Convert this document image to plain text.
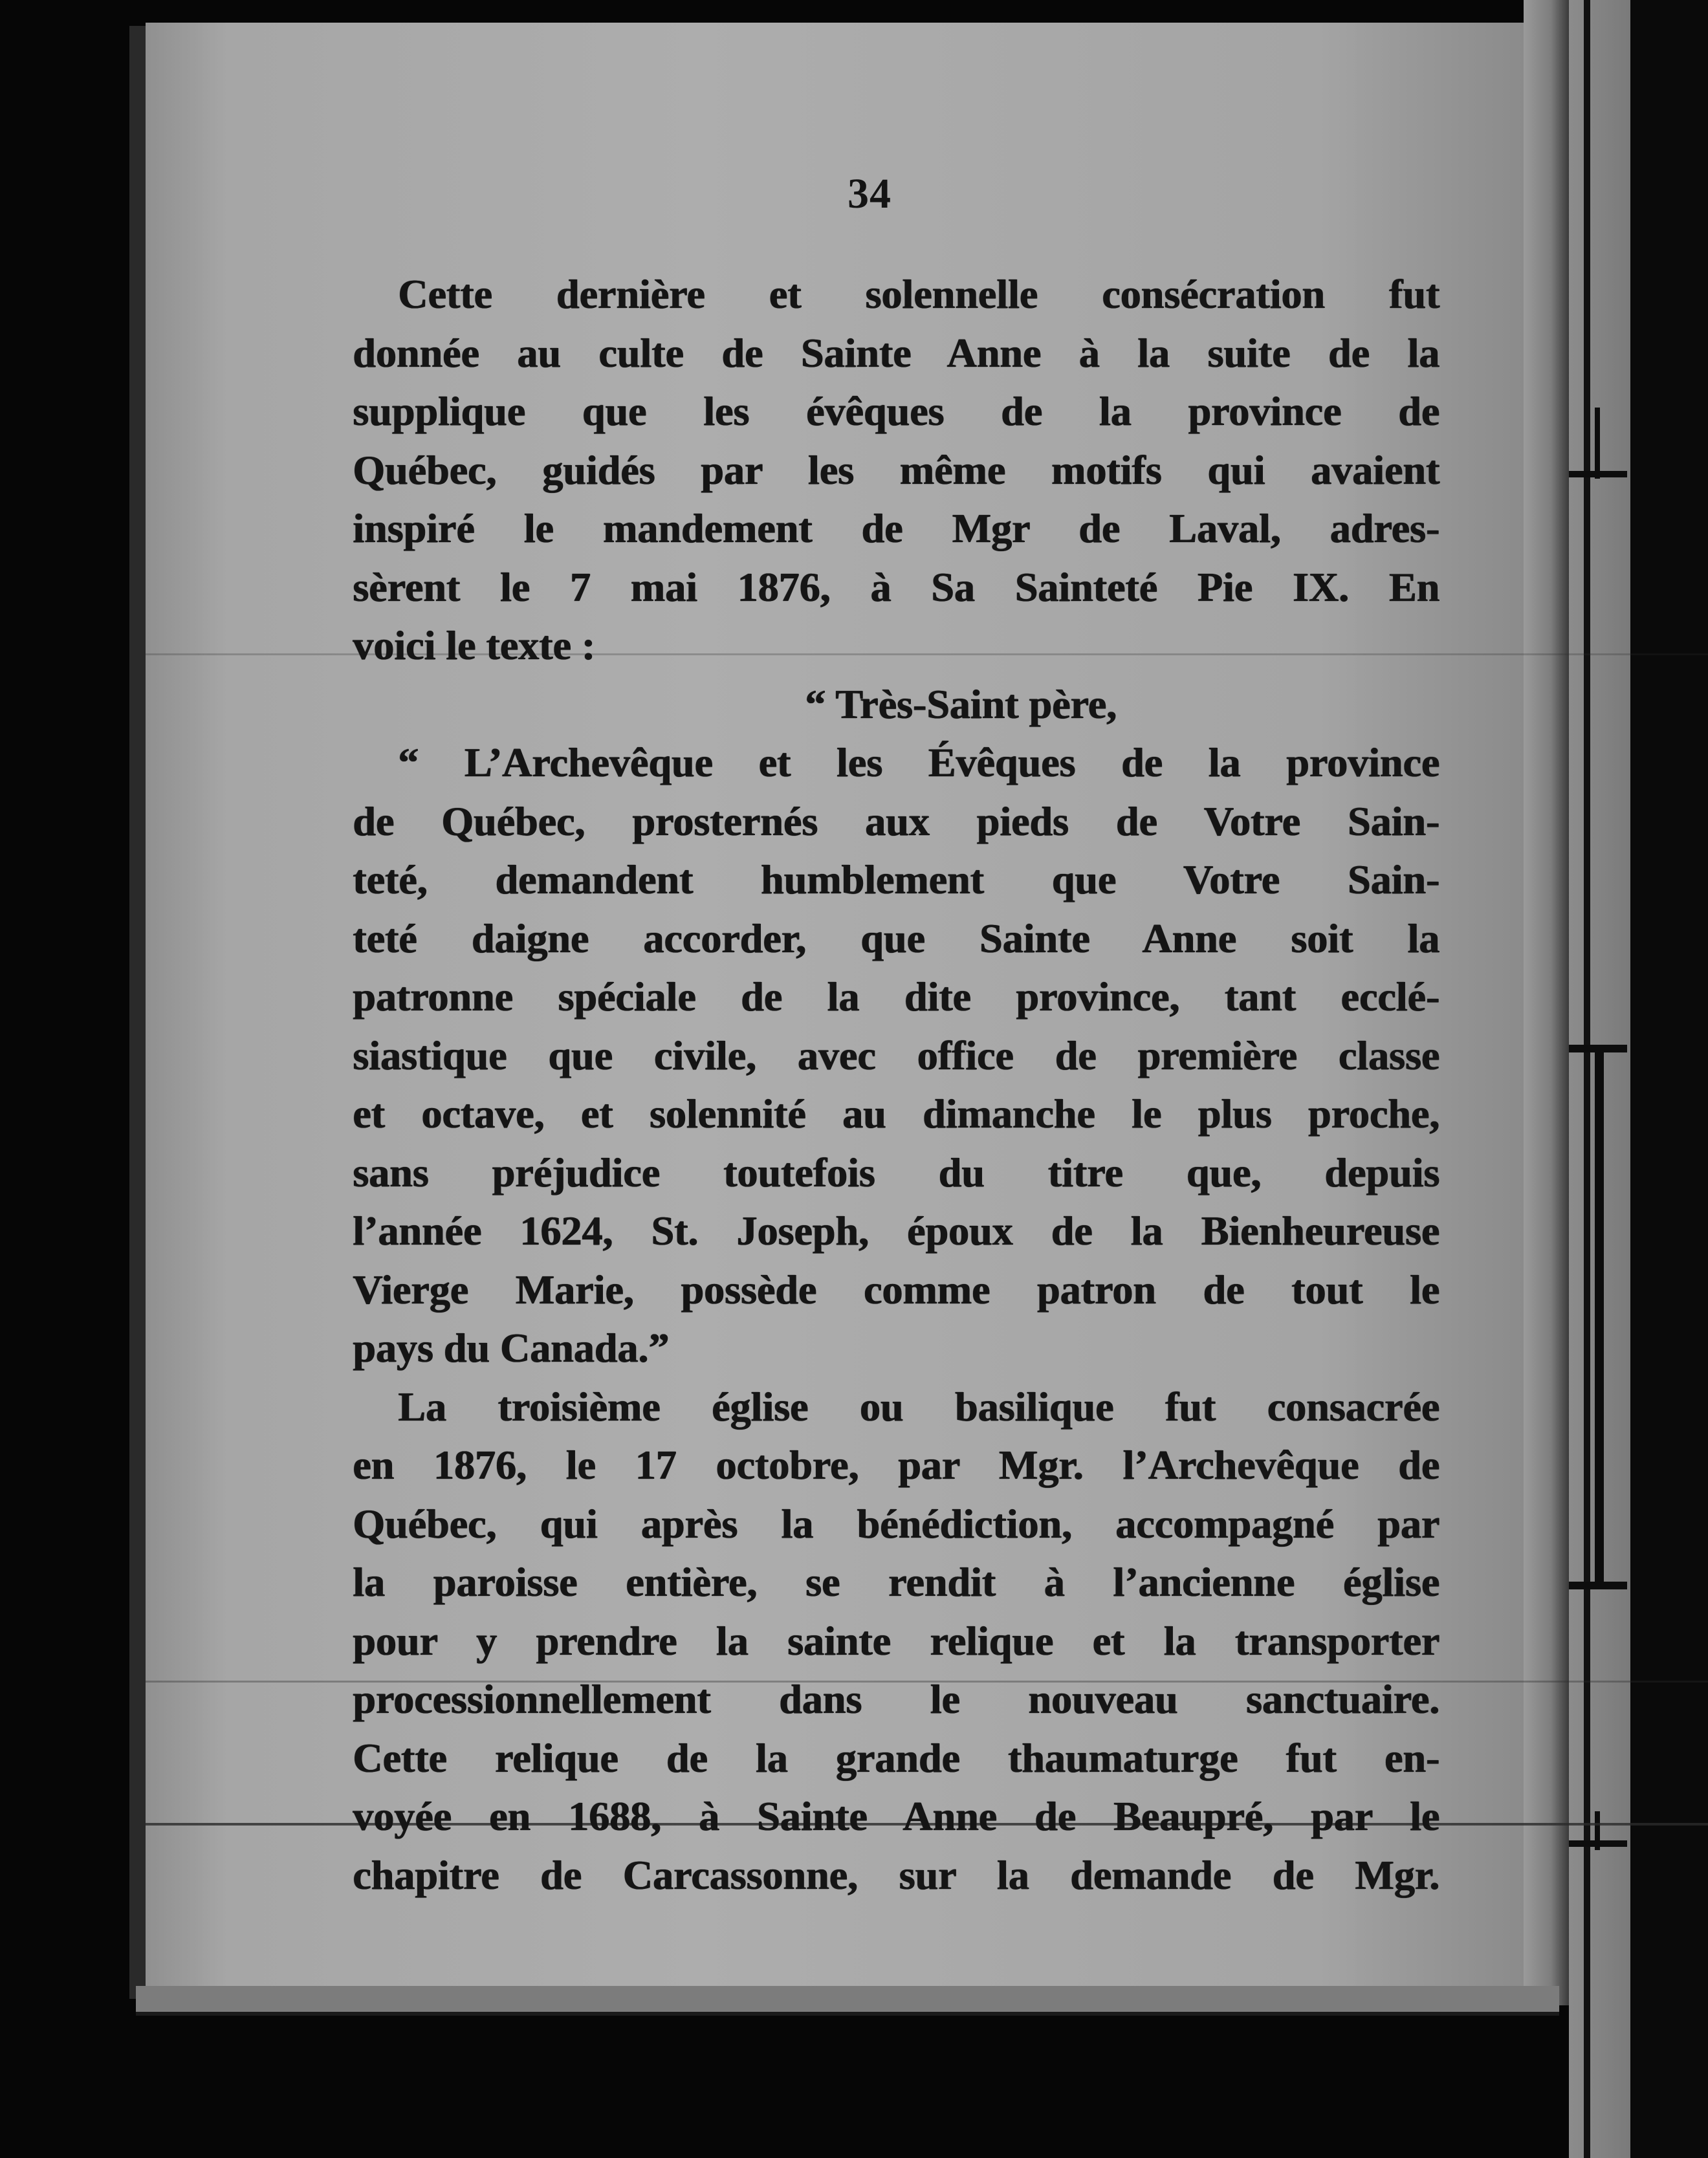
34
Cette dernière et solennelle consécration fut
donnée au culte de Sainte Anne à la suite de la
supplique que les évêques de la province de
Québec, guidés par les même motifs qui avaient
inspiré le mandement de Mgr de Laval, adres-
sèrent le 7 mai 1876, à Sa Sainteté Pie IX. En
voici le texte :
“ Très-Saint père,
“ L’Archevêque et les Évêques de la province
de Québec, prosternés aux pieds de Votre Sain-
teté, demandent humblement que Votre Sain-
teté daigne accorder, que Sainte Anne soit la
patronne spéciale de la dite province, tant ecclé-
siastique que civile, avec office de première classe
et octave, et solennité au dimanche le plus proche,
sans préjudice toutefois du titre que, depuis
l’année 1624, St. Joseph, époux de la Bienheureuse
Vierge Marie, possède comme patron de tout le
pays du Canada.”
La troisième église ou basilique fut consacrée
en 1876, le 17 octobre, par Mgr. l’Archevêque de
Québec, qui après la bénédiction, accompagné par
la paroisse entière, se rendit à l’ancienne église
pour y prendre la sainte relique et la transporter
processionnellement dans le nouveau sanctuaire.
Cette relique de la grande thaumaturge fut en-
voyée en 1688, à Sainte Anne de Beaupré, par le
chapitre de Carcassonne, sur la demande de Mgr.
